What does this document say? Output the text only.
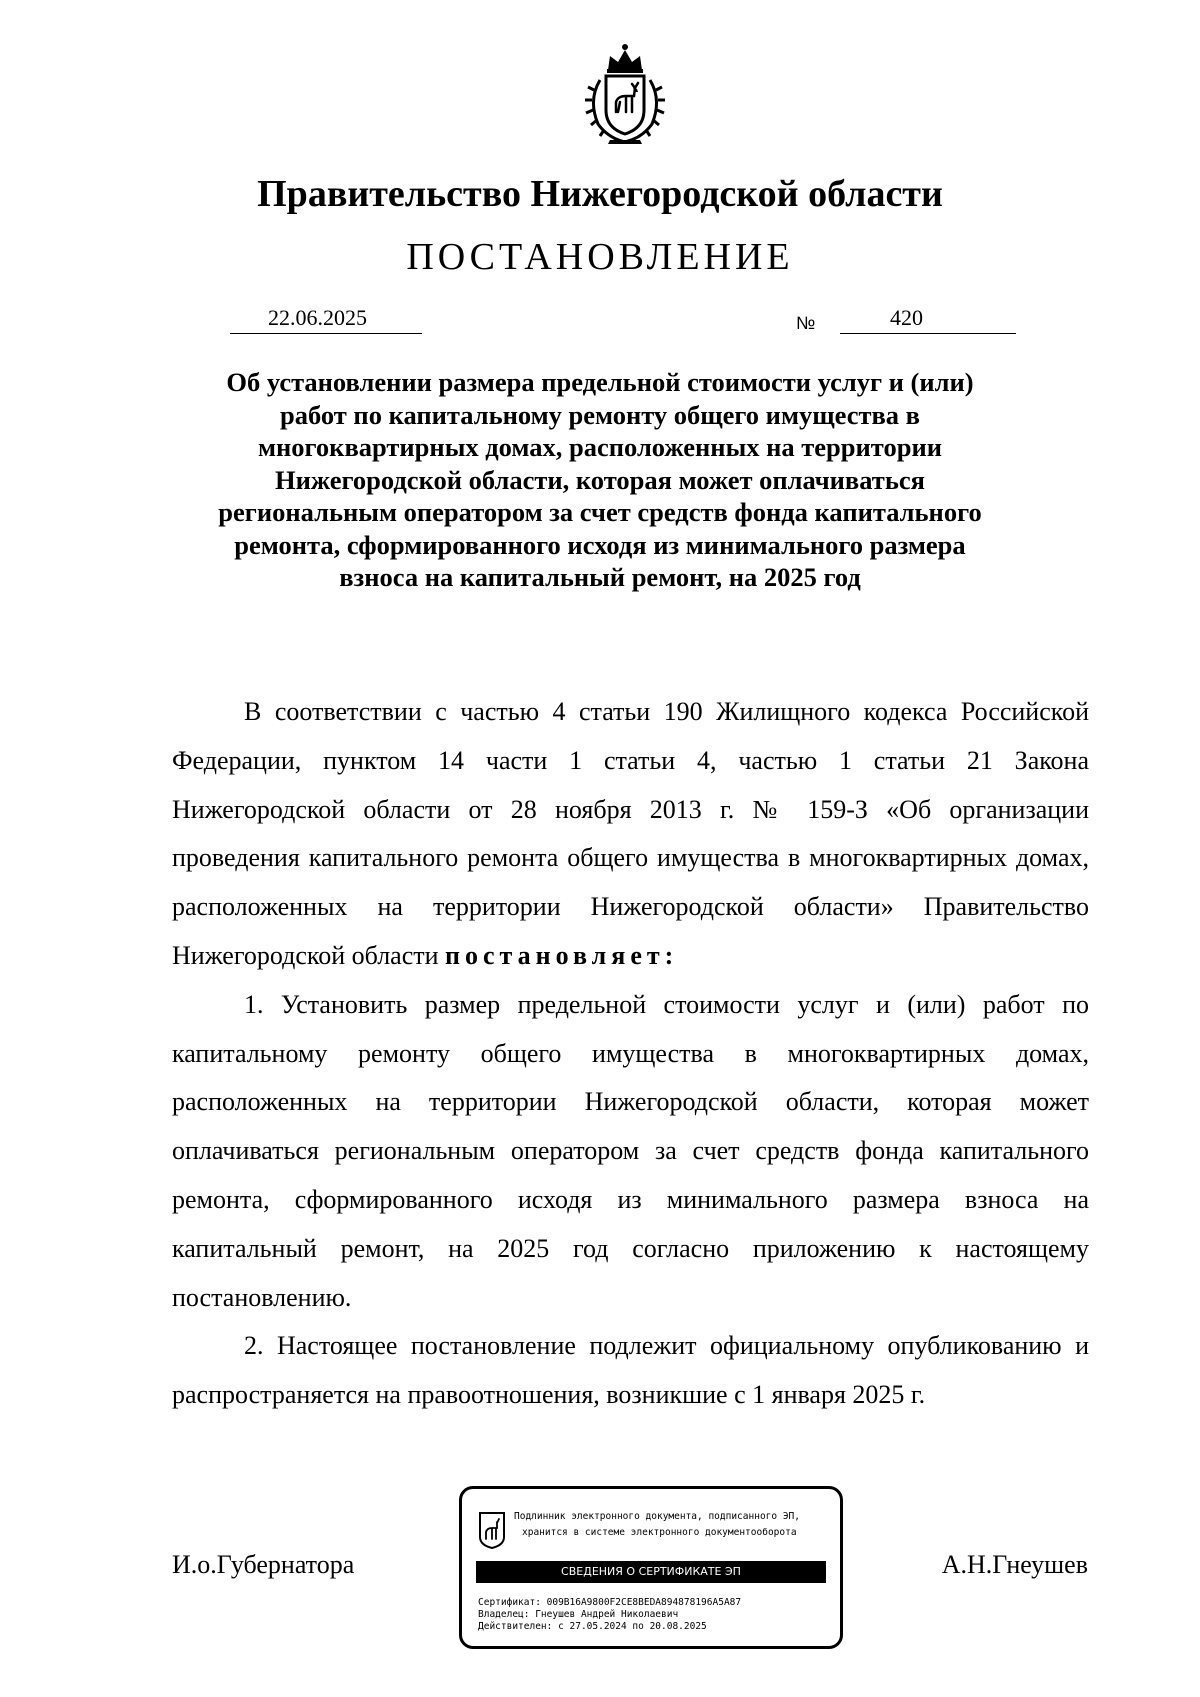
Правительство Нижегородской области
ПОСТАНОВЛЕНИЕ
22.06.2025	№	420
Об установлении размера предельной стоимости услуг и (или) работ по капитальному ремонту общего имущества в многоквартирных домах, расположенных на территории Нижегородской области, которая может оплачиваться региональным оператором за счет средств фонда капитального ремонта, сформированного исходя из минимального размера взноса на капитальный ремонт, на 2025 год

В соответствии с частью 4 статьи 190 Жилищного кодекса Российской Федерации, пунктом 14 части 1 статьи 4, частью 1 статьи 21 Закона Нижегородской области от 28 ноября 2013 г. № 159-З «Об организации проведения капитального ремонта общего имущества в многоквартирных домах, расположенных на территории Нижегородской области» Правительство Нижегородской области постановляет:

1. Установить размер предельной стоимости услуг и (или) работ по капитальному ремонту общего имущества в многоквартирных домах, расположенных на территории Нижегородской области, которая может оплачиваться региональным оператором за счет средств фонда капитального ремонта, сформированного исходя из минимального размера взноса на капитальный ремонт, на 2025 год согласно приложению к настоящему постановлению.

2. Настоящее постановление подлежит официальному опубликованию и распространяется на правоотношения, возникшие с 1 января 2025 г.

И.о.Губернатора	А.Н.Гнеушев
Подлинник электронного документа, подписанного ЭП,
хранится в системе электронного документооборота
СВЕДЕНИЯ О СЕРТИФИКАТЕ ЭП
Сертификат: 009B16A9800F2CE8BEDA894878196A5A87
Владелец: Гнеушев Андрей Николаевич
Действителен: с 27.05.2024 по 20.08.2025
